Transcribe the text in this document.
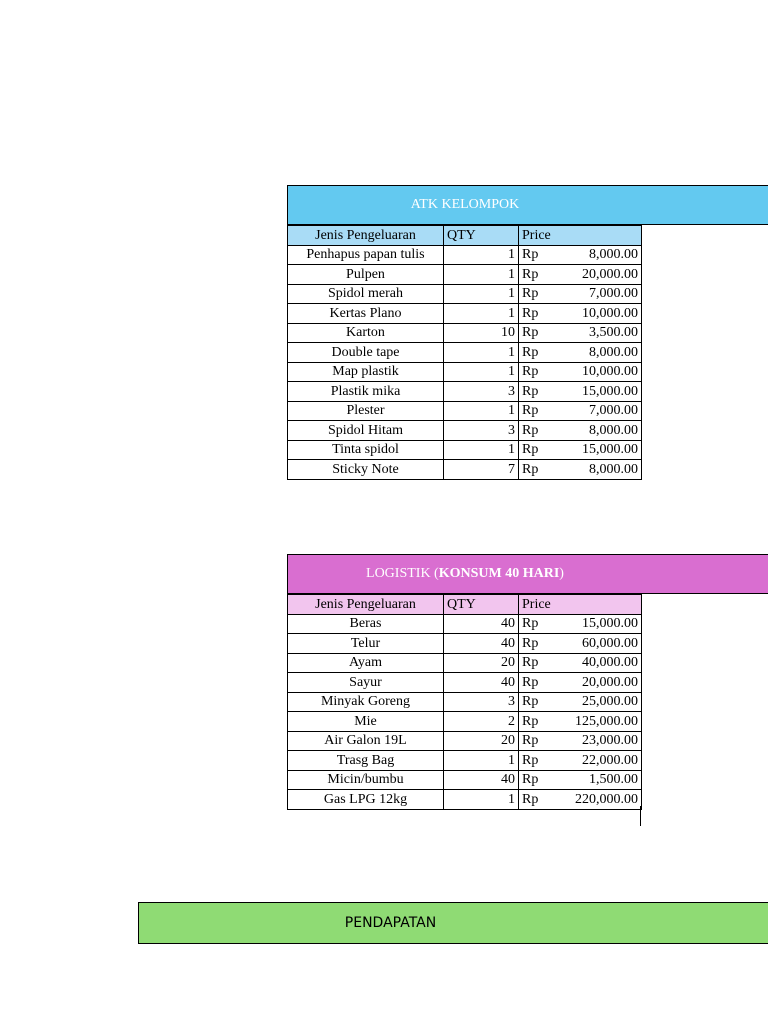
ATK KELOMPOK
Jenis Pengeluaran	QTY	Price	
Penhapus papan tulis	1	Rp	8,000.00
Pulpen	1	Rp	20,000.00
Spidol merah	1	Rp	7,000.00
Kertas Plano	1	Rp	10,000.00
Karton	10	Rp	3,500.00
Double tape	1	Rp	8,000.00
Map plastik	1	Rp	10,000.00
Plastik mika	3	Rp	15,000.00
Plester	1	Rp	7,000.00
Spidol Hitam	3	Rp	8,000.00
Tinta spidol	1	Rp	15,000.00
Sticky Note	7	Rp	8,000.00
LOGISTIK ( KONSUM 40 HARI )
Jenis Pengeluaran	QTY	Price	
Beras	40	Rp	15,000.00
Telur	40	Rp	60,000.00
Ayam	20	Rp	40,000.00
Sayur	40	Rp	20,000.00
Minyak Goreng	3	Rp	25,000.00
Mie	2	Rp	125,000.00
Air Galon 19L	20	Rp	23,000.00
Trasg Bag	1	Rp	22,000.00
Micin/bumbu	40	Rp	1,500.00
Gas LPG 12kg	1	Rp	220,000.00
PENDAPATAN
